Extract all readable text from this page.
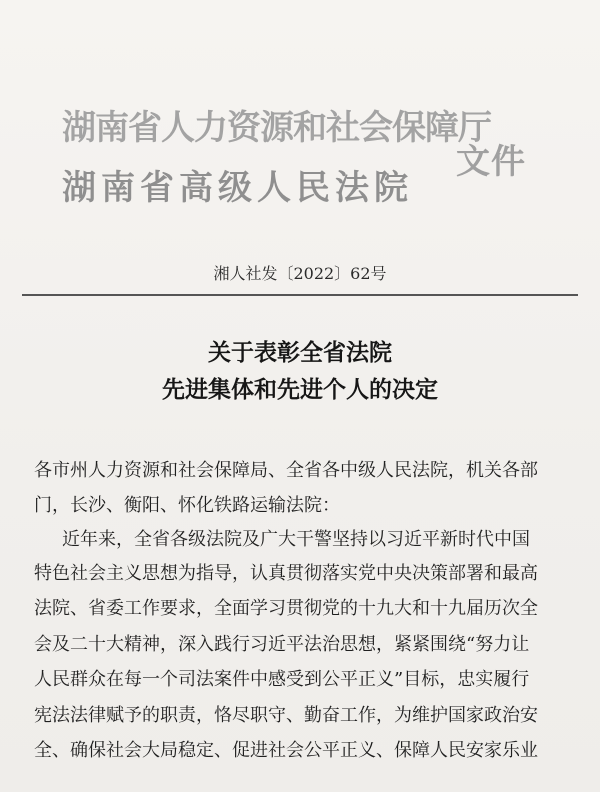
湖南省人力资源和社会保障厅
湖南省高级人民法院
文件
湘人社发〔2022〕62号
关于表彰全省法院
先进集体和先进个人的决定
各市州人力资源和社会保障局、全省各中级人民法院，机关各部
门，长沙、衡阳、怀化铁路运输法院：
近年来，全省各级法院及广大干警坚持以习近平新时代中国
特色社会主义思想为指导，认真贯彻落实党中央决策部署和最高
法院、省委工作要求，全面学习贯彻党的十九大和十九届历次全
会及二十大精神，深入践行习近平法治思想，紧紧围绕“努力让
人民群众在每一个司法案件中感受到公平正义”目标，忠实履行
宪法法律赋予的职责，恪尽职守、勤奋工作，为维护国家政治安
全、确保社会大局稳定、促进社会公平正义、保障人民安家乐业
